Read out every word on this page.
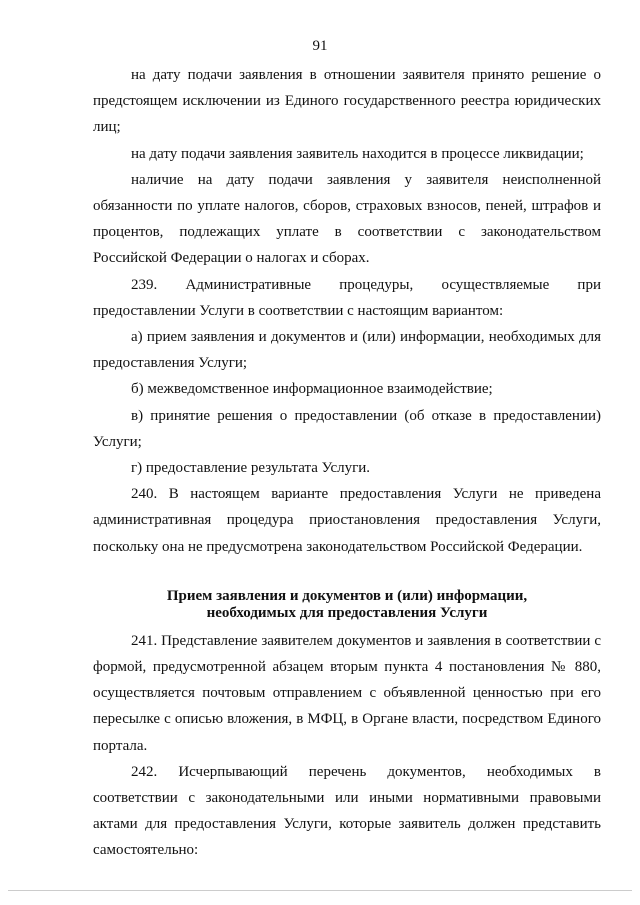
91

на дату подачи заявления в отношении заявителя принято решение о предстоящем исключении из Единого государственного реестра юридических лиц;

на дату подачи заявления заявитель находится в процессе ликвидации;

наличие на дату подачи заявления у заявителя неисполненной обязанности по уплате налогов, сборов, страховых взносов, пеней, штрафов и процентов, подлежащих уплате в соответствии с законодательством Российской Федерации о налогах и сборах.

239. Административные процедуры, осуществляемые при предоставлении Услуги в соответствии с настоящим вариантом:

а) прием заявления и документов и (или) информации, необходимых для предоставления Услуги;

б) межведомственное информационное взаимодействие;

в) принятие решения о предоставлении (об отказе в предоставлении) Услуги;

г) предоставление результата Услуги.

240. В настоящем варианте предоставления Услуги не приведена административная процедура приостановления предоставления Услуги, поскольку она не предусмотрена законодательством Российской Федерации.

Прием заявления и документов и (или) информации,
необходимых для предоставления Услуги

241. Представление заявителем документов и заявления в соответствии с формой, предусмотренной абзацем вторым пункта 4 постановления № 880, осуществляется почтовым отправлением с объявленной ценностью при его пересылке с описью вложения, в МФЦ, в Органе власти, посредством Единого портала.

242. Исчерпывающий перечень документов, необходимых в соответствии с законодательными или иными нормативными правовыми актами для предоставления Услуги, которые заявитель должен представить самостоятельно:
